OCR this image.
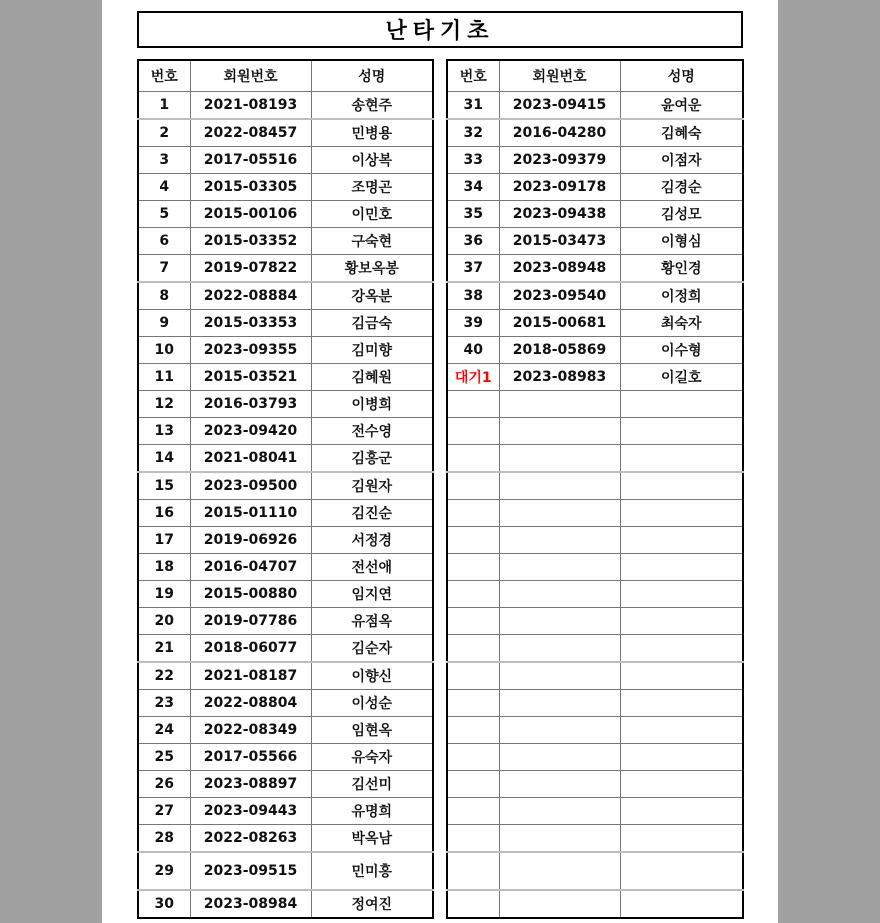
난타기초
번호	회원번호	성명
1	2021-08193	송현주
2	2022-08457	민병용
3	2017-05516	이상복
4	2015-03305	조명곤
5	2015-00106	이민호
6	2015-03352	구숙현
7	2019-07822	황보옥봉
8	2022-08884	강옥분
9	2015-03353	김금숙
10	2023-09355	김미향
11	2015-03521	김혜원
12	2016-03793	이병희
13	2023-09420	전수영
14	2021-08041	김홍군
15	2023-09500	김원자
16	2015-01110	김진순
17	2019-06926	서정경
18	2016-04707	전선애
19	2015-00880	임지연
20	2019-07786	유점옥
21	2018-06077	김순자
22	2021-08187	이향신
23	2022-08804	이성순
24	2022-08349	임현옥
25	2017-05566	유숙자
26	2023-08897	김선미
27	2023-09443	유명희
28	2022-08263	박옥남
29	2023-09515	민미홍
30	2023-08984	정여진
번호	회원번호	성명
31	2023-09415	윤여운
32	2016-04280	김혜숙
33	2023-09379	이점자
34	2023-09178	김경순
35	2023-09438	김성모
36	2015-03473	이형심
37	2023-08948	황인경
38	2023-09540	이정희
39	2015-00681	최숙자
40	2018-05869	이수형
대기1	2023-08983	이길호
